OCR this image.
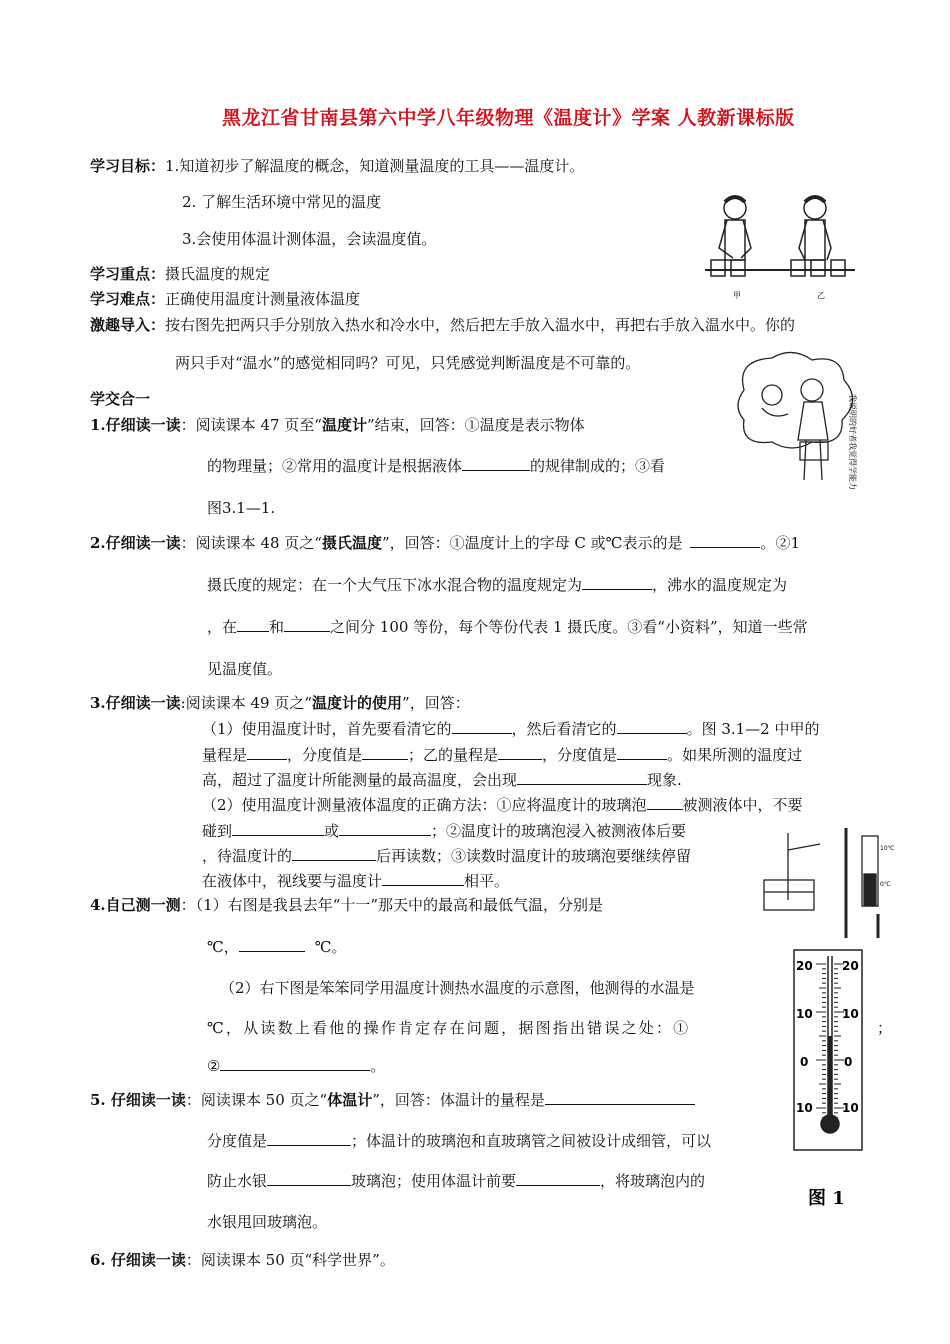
黑龙江省甘南县第六中学八年级物理《温度计》学案 人教新课标版
学习目标：1.知道初步了解温度的概念，知道测量温度的工具——温度计。
2. 了解生活环境中常见的温度
3.会使用体温计测体温，会读温度值。
学习重点：摄氏温度的规定
学习难点：正确使用温度计测量液体温度
激趣导入：按右图先把两只手分别放入热水和冷水中，然后把左手放入温水中，再把右手放入温水中。你的
两只手对“温水”的感觉相同吗？可见，只凭感觉判断温度是不可靠的。
学交合一
1.仔细读一读：阅读课本 47 页至“温度计”结束，回答：①温度是表示物体
的物理量；②常用的温度计是根据液体	的规律制成的；③看
图3.1—1.
2.仔细读一读：阅读课本 48 页之“摄氏温度”，回答：①温度计上的字母 C 或℃表示的是	。②1
摄氏度的规定：在一个大气压下冰水混合物的温度规定为	，沸水的温度规定为
，在 和	之间分 100 等份，每个等份代表 1 摄氏度。③看“小资料”，知道一些常
见温度值。
3.仔细读一读:阅读课本 49 页之“温度计的使用”，回答：
（1）使用温度计时，首先要看清它的	，然后看清它的	。图 3.1—2 中甲的
量程是	，分度值是	；乙的量程是	，分度值是	。如果所测的温度过
高，超过了温度计所能测量的最高温度，会出现	现象.
（2）使用温度计测量液体温度的正确方法：①应将温度计的玻璃泡 被测液体中，不要
碰到	或	；②温度计的玻璃泡浸入被测液体后要
，待温度计的	后再读数；③读数时温度计的玻璃泡要继续停留
在液体中，视线要与温度计	相平。
4.自己测一测：（1）右图是我县去年“十一”那天中的最高和最低气温，分别是
℃，	℃。
（2）右下图是笨笨同学用温度计测热水温度的示意图，他测得的水温是
℃，从读数上看他的操作肯定存在问题，据图指出错误之处：①	；
②	。
5. 仔细读一读：阅读课本 50 页之“体温计”，回答：体温计的量程是
分度值是	；体温计的玻璃泡和直玻璃管之间被设计成细管，可以
防止水银	玻璃泡；使用体温计前要	，将玻璃泡内的
水银甩回玻璃泡。
6. 仔细读一读：阅读课本 50 页“科学世界”。
甲	乙
我说明的好者我觉得学能力
10℃
0℃
20 20
10 10
0	0
10 10
图 1
